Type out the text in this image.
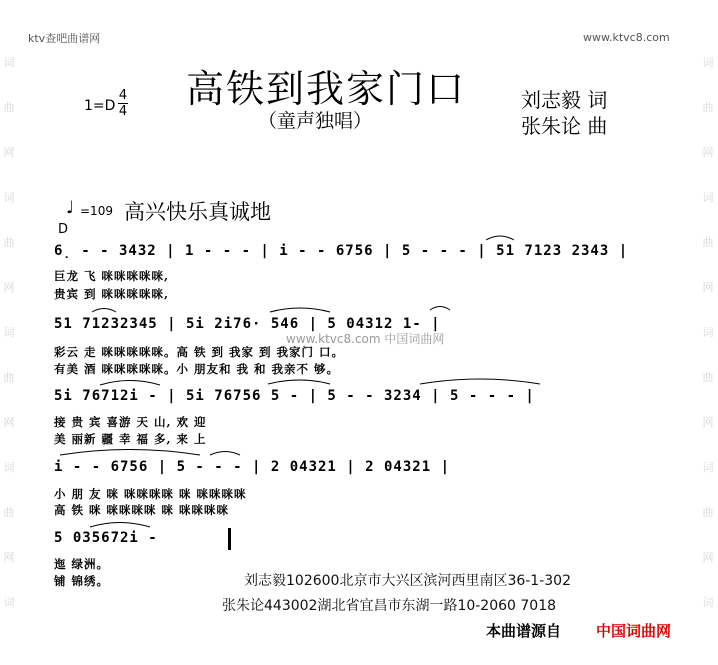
词
曲
网
词
曲
网
词
曲
网
词
曲
网
词
词
曲
网
词
曲
网
词
曲
网
词
曲
网
词
ktv查吧曲谱网	www.ktvc8.com
1=D
4
4
高铁到我家门口
（童声独唱）
刘志毅 词
张朱论 曲
♩ =109 高兴快乐真诚地
D
6̣ - - 3432 | 1 - - - | i - - 6756 | 5 - - - | 51 7123 2343 |
巨龙 飞 咪咪咪咪咪,
贵宾 到 咪咪咪咪咪,
51 71232345 | 5i 2i76· 546 | 5 04312 1- |
www.ktvc8.com 中国词曲网
彩云 走 咪咪咪咪咪。高 铁 到 我家 到 我家门 口。
有美 酒 咪咪咪咪咪。小 朋友和 我 和 我亲不 够。
5i 76712i - | 5i 76756 5 - | 5 - - 3234 | 5 - - - |
接 贵 宾 喜游 天 山, 欢 迎
美 丽新 疆 幸 福 多, 来 上
i - - 6756 | 5 - - - | 2 04321 | 2 04321 |
小 朋 友 咪 咪咪咪咪 咪 咪咪咪咪
高 铁 咪 咪咪咪咪 咪 咪咪咪咪
5 035672i -
迤 绿洲。
铺 锦绣。	刘志毅102600北京市大兴区滨河西里南区36-1-302
张朱论443002湖北省宜昌市东湖一路10-2060 7018
本曲谱源自 中国词曲网
